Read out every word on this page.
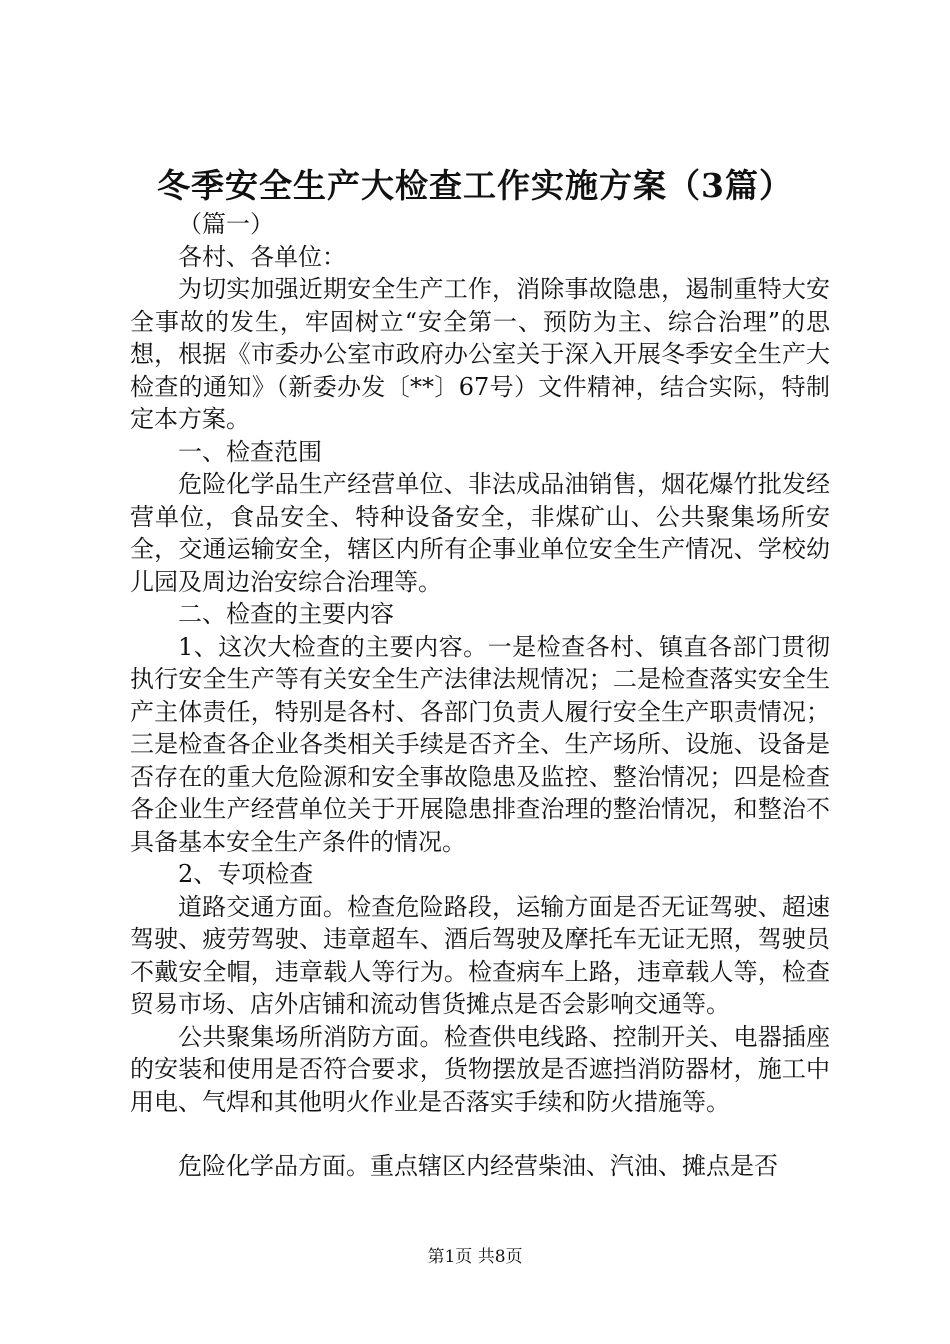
冬季安全生产大检查工作实施方案（3篇）

（篇一）

各村、各单位：

为切实加强近期安全生产工作，消除事故隐患，遏制重特大安全事故的发生，牢固树立“安全第一、预防为主、综合治理”的思想，根据《市委办公室市政府办公室关于深入开展冬季安全生产大检查的通知》（新委办发〔**〕67号）文件精神，结合实际，特制定本方案。

一、检查范围

危险化学品生产经营单位、非法成品油销售，烟花爆竹批发经营单位，食品安全、特种设备安全，非煤矿山、公共聚集场所安全，交通运输安全，辖区内所有企事业单位安全生产情况、学校幼儿园及周边治安综合治理等。

二、检查的主要内容

1、这次大检查的主要内容。一是检查各村、镇直各部门贯彻执行安全生产等有关安全生产法律法规情况；二是检查落实安全生产主体责任，特别是各村、各部门负责人履行安全生产职责情况；三是检查各企业各类相关手续是否齐全、生产场所、设施、设备是否存在的重大危险源和安全事故隐患及监控、整治情况；四是检查各企业生产经营单位关于开展隐患排查治理的整治情况，和整治不具备基本安全生产条件的情况。

2、专项检查

道路交通方面。检查危险路段，运输方面是否无证驾驶、超速驾驶、疲劳驾驶、违章超车、酒后驾驶及摩托车无证无照，驾驶员不戴安全帽，违章载人等行为。检查病车上路，违章载人等，检查贸易市场、店外店铺和流动售货摊点是否会影响交通等。

公共聚集场所消防方面。检查供电线路、控制开关、电器插座的安装和使用是否符合要求，货物摆放是否遮挡消防器材，施工中用电、气焊和其他明火作业是否落实手续和防火措施等。

危险化学品方面。重点辖区内经营柴油、汽油、摊点是否

第1页 共8页
